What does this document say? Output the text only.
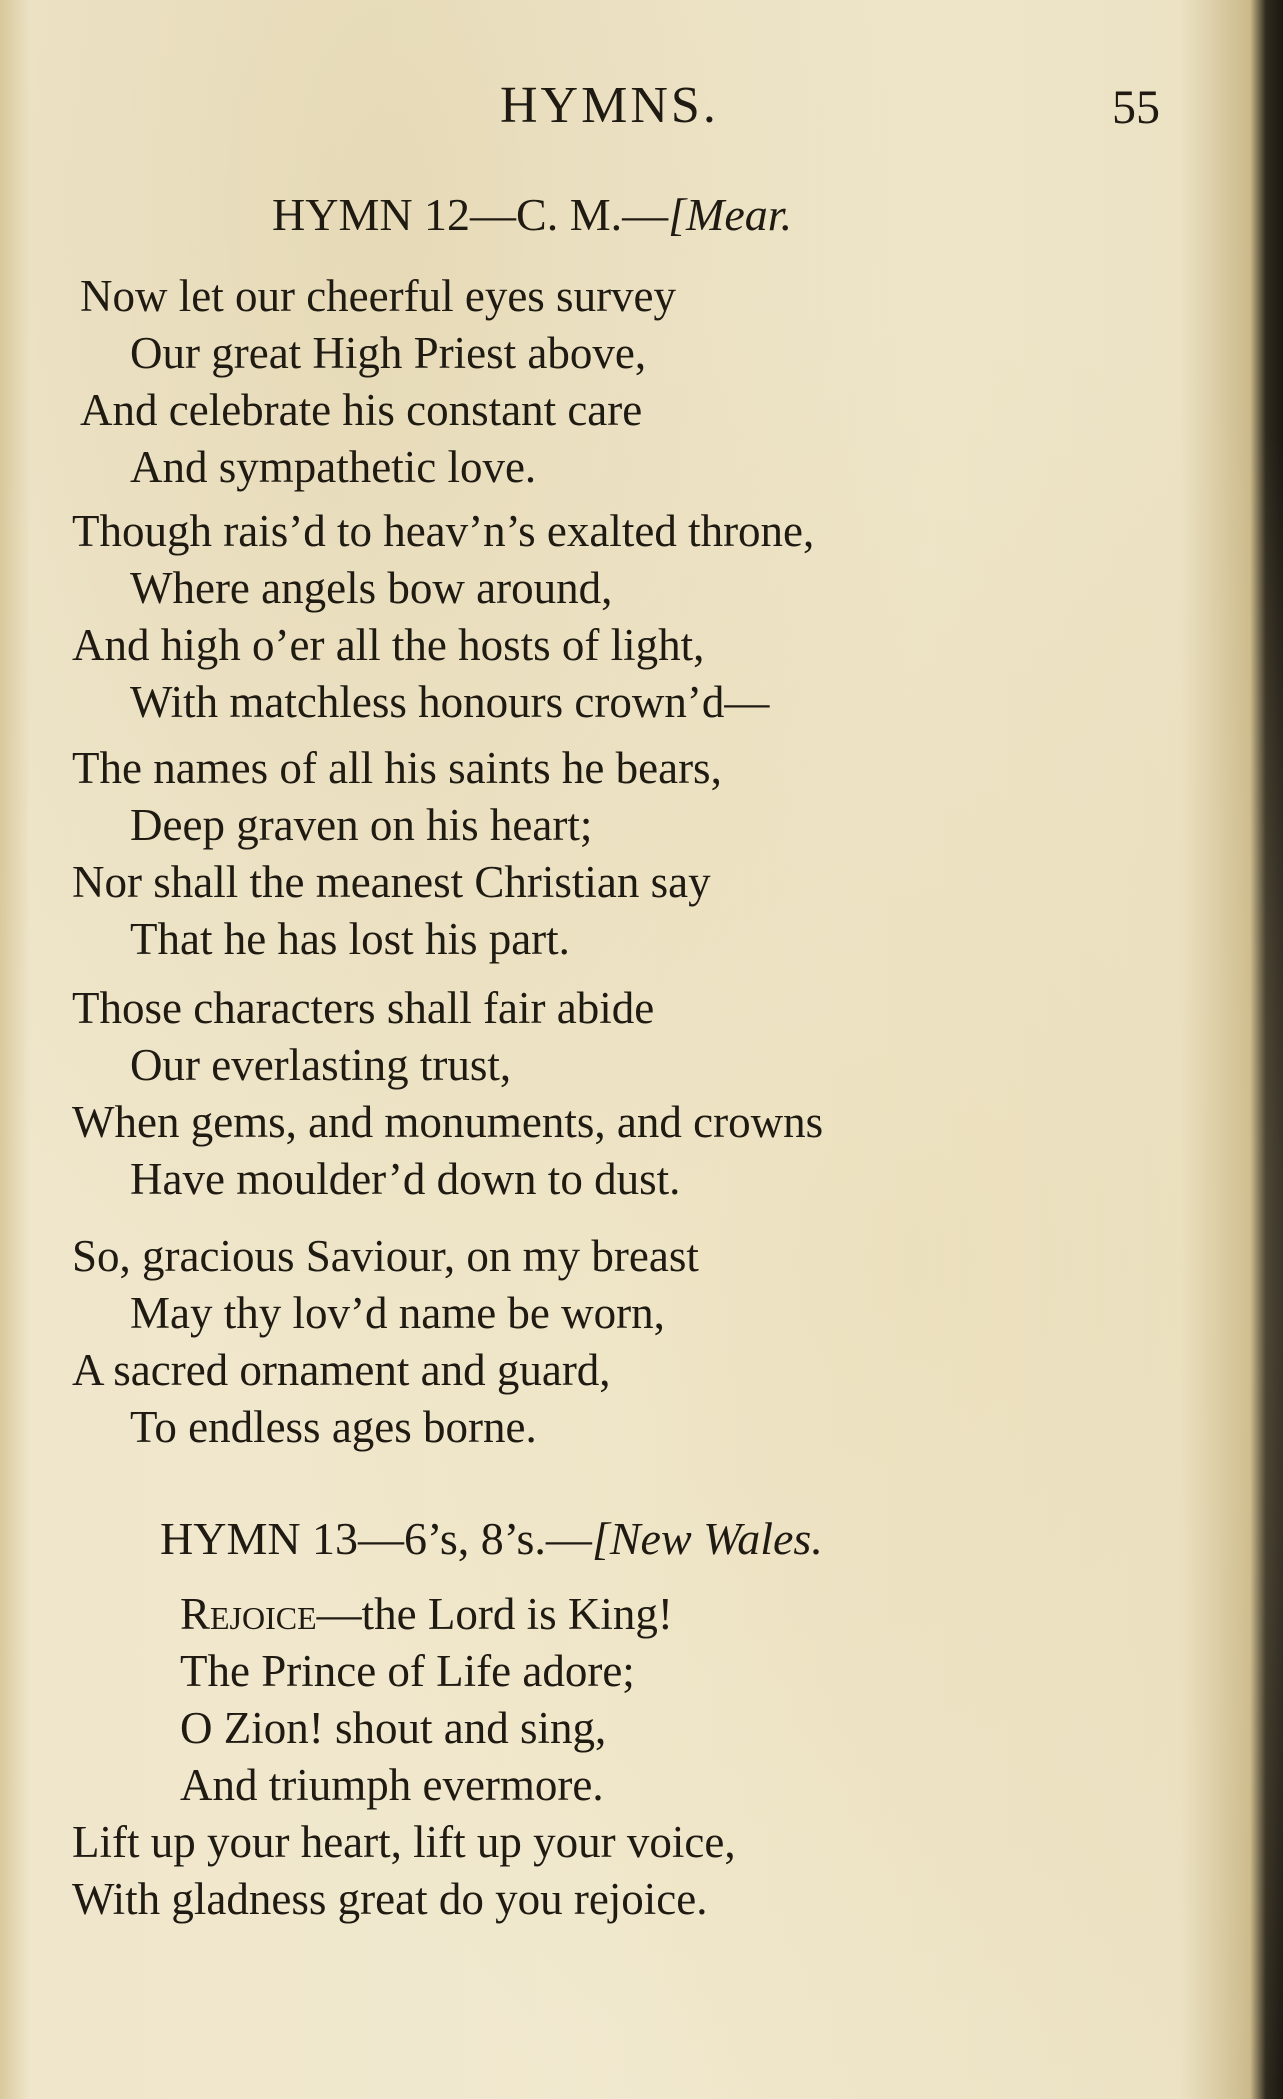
HYMNS.	55
HYMN 12—C. M.—[Mear.
Now let our cheerful eyes survey
Our great High Priest above,
And celebrate his constant care
And sympathetic love.
Though rais’d to heav’n’s exalted throne,
Where angels bow around,
And high o’er all the hosts of light,
With matchless honours crown’d—
The names of all his saints he bears,
Deep graven on his heart;
Nor shall the meanest Christian say
That he has lost his part.
Those characters shall fair abide
Our everlasting trust,
When gems, and monuments, and crowns
Have moulder’d down to dust.
So, gracious Saviour, on my breast
May thy lov’d name be worn,
A sacred ornament and guard,
To endless ages borne.
HYMN 13—6’s, 8’s.—[New Wales.
Rejoice—the Lord is King!
The Prince of Life adore;
O Zion! shout and sing,
And triumph evermore.
Lift up your heart, lift up your voice,
With gladness great do you rejoice.
